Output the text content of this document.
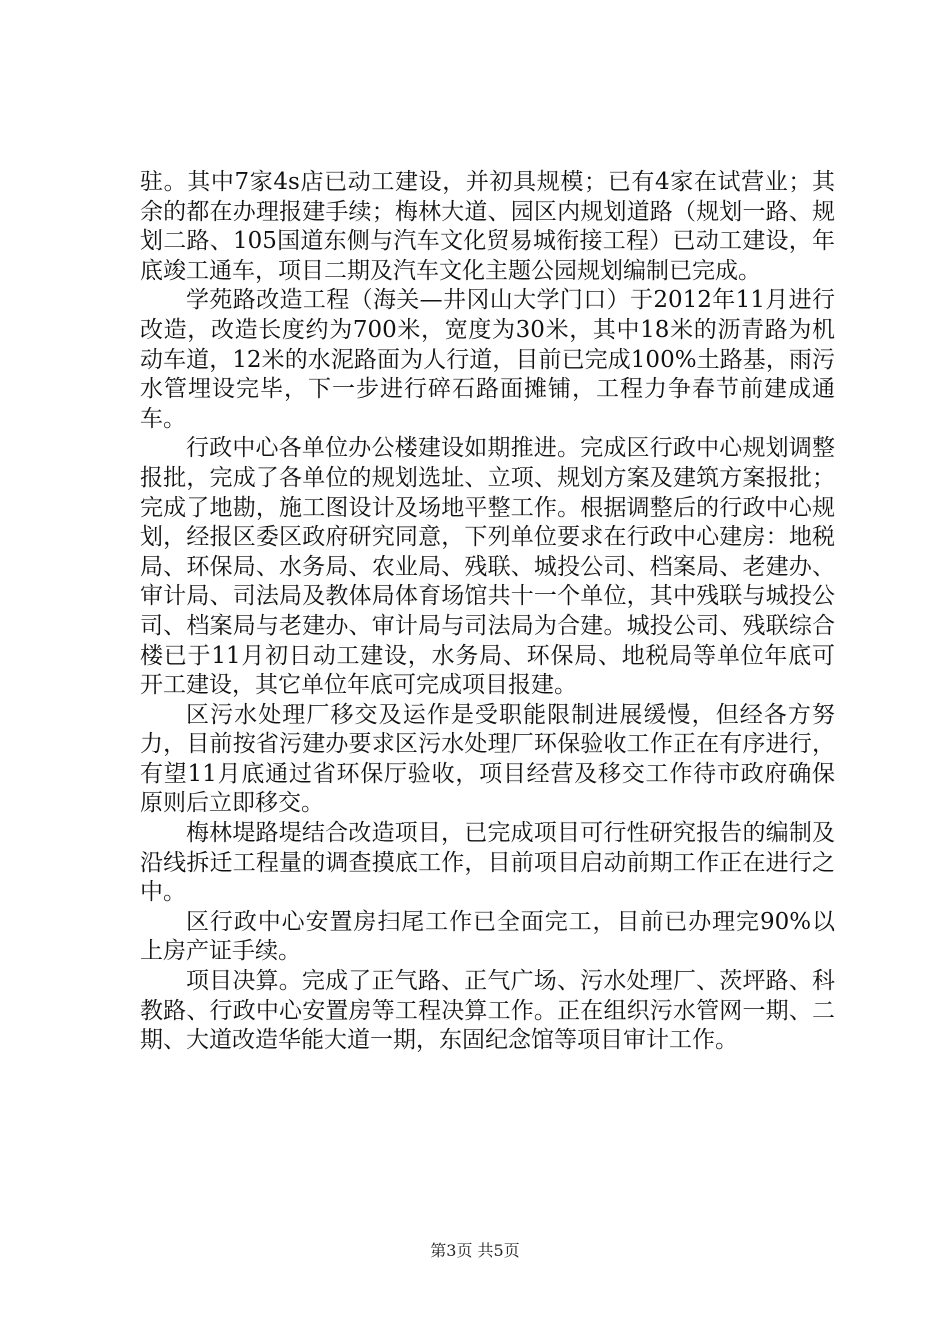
驻。其中7家4s店已动工建设，并初具规模；已有4家在试营业；其余的都在办理报建手续；梅林大道、园区内规划道路（规划一路、规划二路、105国道东侧与汽车文化贸易城衔接工程）已动工建设，年底竣工通车，项目二期及汽车文化主题公园规划编制已完成。

学苑路改造工程（海关—井冈山大学门口）于2012年11月进行改造，改造长度约为700米，宽度为30米，其中18米的沥青路为机动车道，12米的水泥路面为人行道，目前已完成100%土路基，雨污水管埋设完毕，下一步进行碎石路面摊铺，工程力争春节前建成通车。

行政中心各单位办公楼建设如期推进。完成区行政中心规划调整报批，完成了各单位的规划选址、立项、规划方案及建筑方案报批；完成了地勘，施工图设计及场地平整工作。根据调整后的行政中心规划，经报区委区政府研究同意，下列单位要求在行政中心建房：地税局、环保局、水务局、农业局、残联、城投公司、档案局、老建办、审计局、司法局及教体局体育场馆共十一个单位，其中残联与城投公司、档案局与老建办、审计局与司法局为合建。城投公司、残联综合楼已于11月初日动工建设，水务局、环保局、地税局等单位年底可开工建设，其它单位年底可完成项目报建。

区污水处理厂移交及运作是受职能限制进展缓慢，但经各方努力，目前按省污建办要求区污水处理厂环保验收工作正在有序进行，有望11月底通过省环保厅验收，项目经营及移交工作待市政府确保原则后立即移交。

梅林堤路堤结合改造项目，已完成项目可行性研究报告的编制及沿线拆迁工程量的调查摸底工作，目前项目启动前期工作正在进行之中。

区行政中心安置房扫尾工作已全面完工，目前已办理完90%以上房产证手续。

项目决算。完成了正气路、正气广场、污水处理厂、茨坪路、科教路、行政中心安置房等工程决算工作。正在组织污水管网一期、二期、大道改造华能大道一期，东固纪念馆等项目审计工作。

第3页 共5页
